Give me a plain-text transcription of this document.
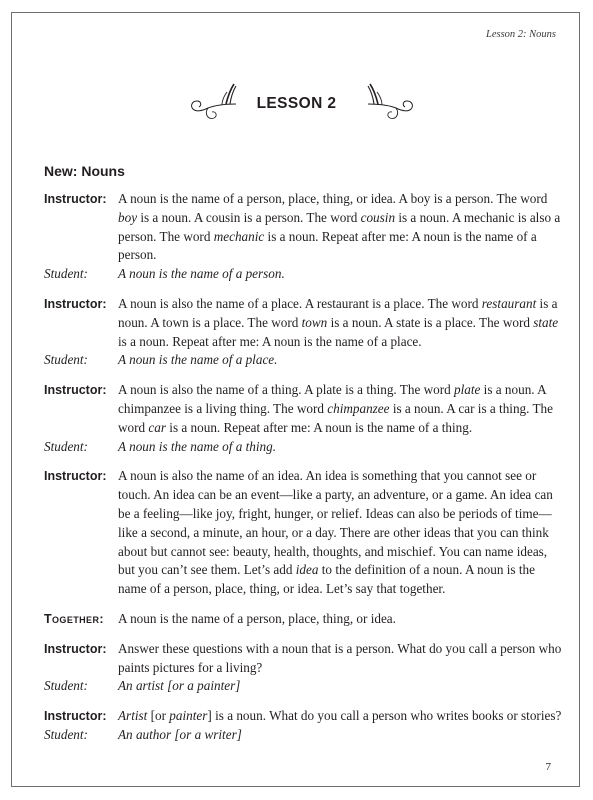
Lesson 2: Nouns
LESSON 2
New: Nouns
Instructor: A noun is the name of a person, place, thing, or idea. A boy is a person. The word boy is a noun. A cousin is a person. The word cousin is a noun. A mechanic is also a person. The word mechanic is a noun. Repeat after me: A noun is the name of a person.
Student:	A noun is the name of a person.
Instructor: A noun is also the name of a place. A restaurant is a place. The word restaurant is a noun. A town is a place. The word town is a noun. A state is a place. The word state is a noun. Repeat after me: A noun is the name of a place.
Student:	A noun is the name of a place.
Instructor: A noun is also the name of a thing. A plate is a thing. The word plate is a noun. A chimpanzee is a living thing. The word chimpanzee is a noun. A car is a thing. The word car is a noun. Repeat after me: A noun is the name of a thing.
Student:	A noun is the name of a thing.
Instructor: A noun is also the name of an idea. An idea is something that you cannot see or touch. An idea can be an event—like a party, an adventure, or a game. An idea can be a feeling—like joy, fright, hunger, or relief. Ideas can also be periods of time—like a second, a minute, an hour, or a day. There are other ideas that you can think about but cannot see: beauty, health, thoughts, and mischief. You can name ideas, but you can’t see them. Let’s add idea to the definition of a noun. A noun is the name of a person, place, thing, or idea. Let’s say that together.
Together:	A noun is the name of a person, place, thing, or idea.
Instructor: Answer these questions with a noun that is a person. What do you call a person who paints pictures for a living?
Student:	An artist [or a painter]
Instructor: Artist [or painter] is a noun. What do you call a person who writes books or stories?
Student:	An author [or a writer]
7
